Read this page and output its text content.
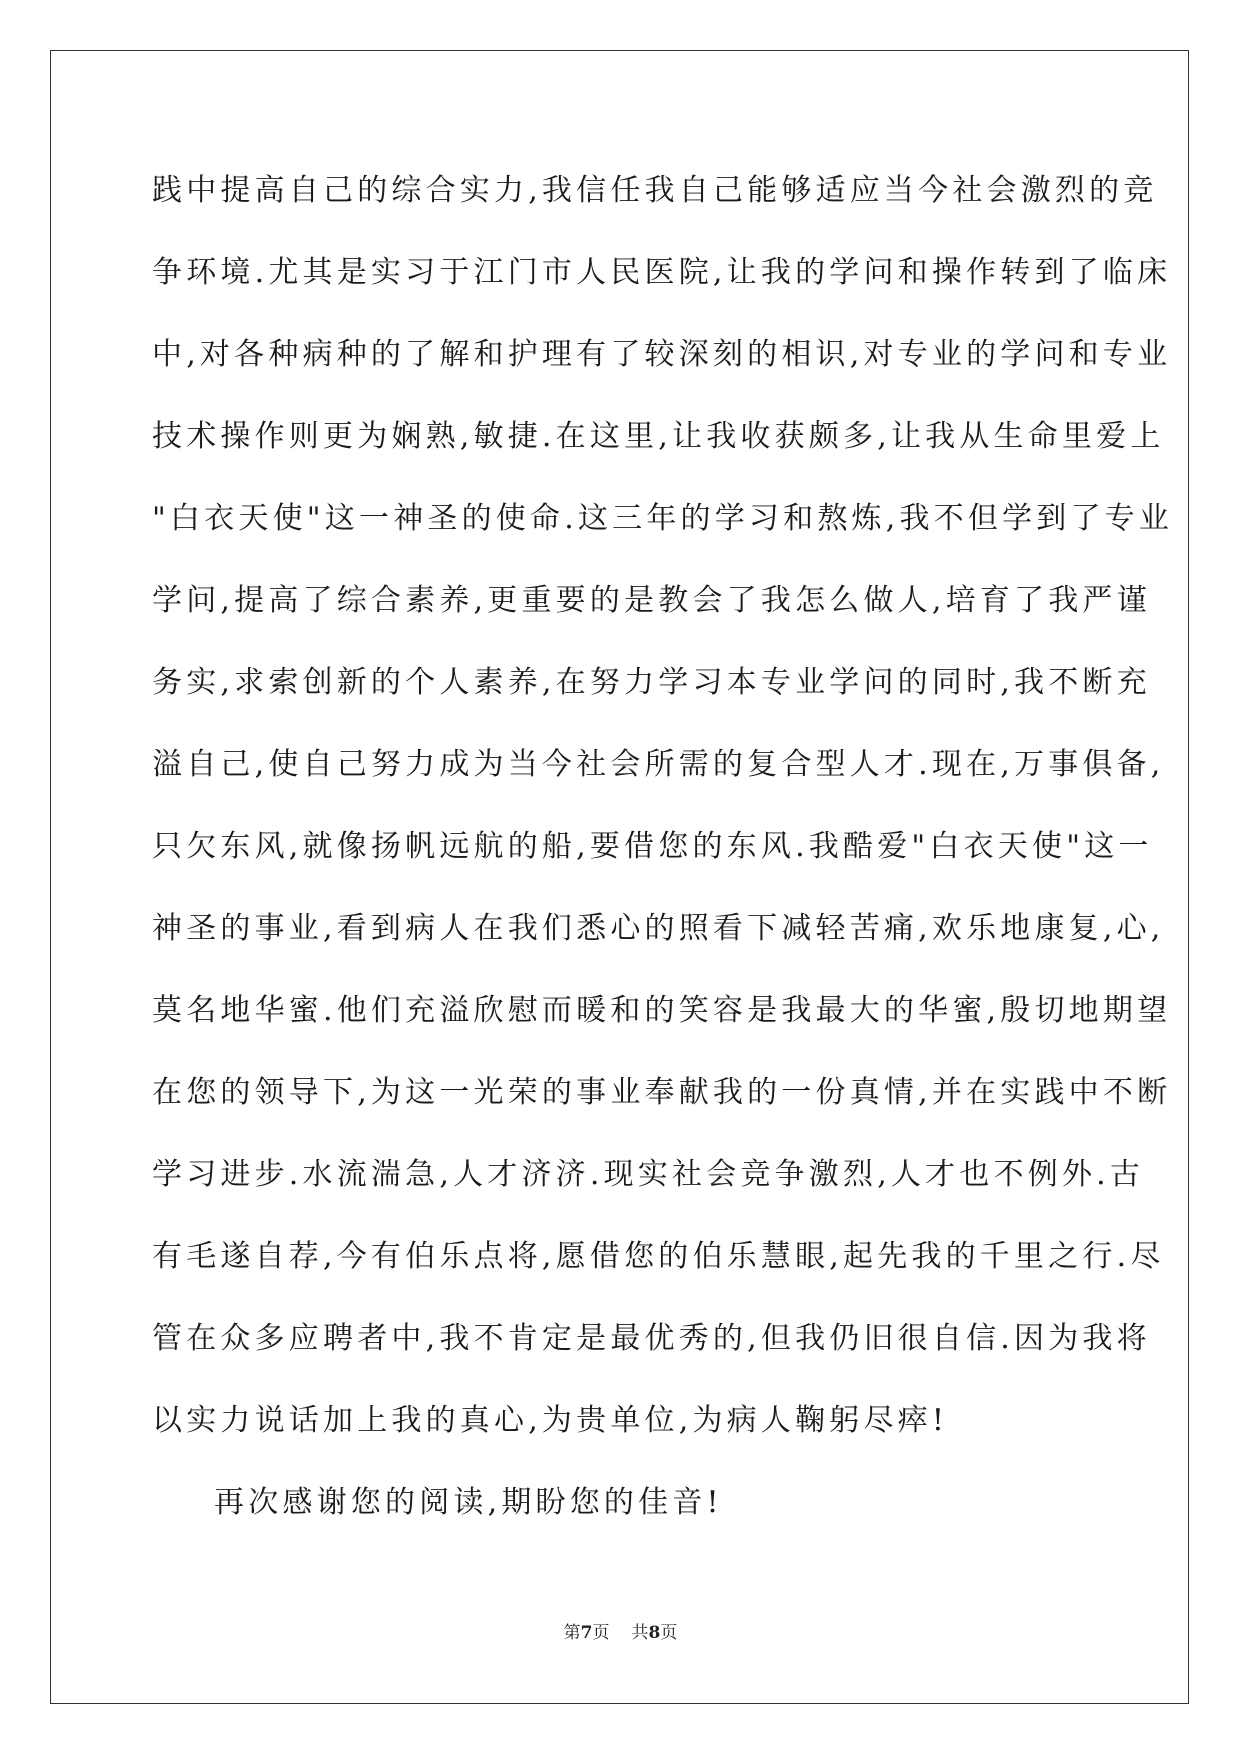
践中提高自己的综合实力,我信任我自己能够适应当今社会激烈的竞
争环境.尤其是实习于江门市人民医院,让我的学问和操作转到了临床
中,对各种病种的了解和护理有了较深刻的相识,对专业的学问和专业
技术操作则更为娴熟,敏捷.在这里,让我收获颇多,让我从生命里爱上
"白衣天使"这一神圣的使命.这三年的学习和熬炼,我不但学到了专业
学问,提高了综合素养,更重要的是教会了我怎么做人,培育了我严谨
务实,求索创新的个人素养,在努力学习本专业学问的同时,我不断充
溢自己,使自己努力成为当今社会所需的复合型人才.现在,万事俱备,
只欠东风,就像扬帆远航的船,要借您的东风.我酷爱"白衣天使"这一
神圣的事业,看到病人在我们悉心的照看下减轻苦痛,欢乐地康复,心,
莫名地华蜜.他们充溢欣慰而暖和的笑容是我最大的华蜜,殷切地期望
在您的领导下,为这一光荣的事业奉献我的一份真情,并在实践中不断
学习进步.水流湍急,人才济济.现实社会竞争激烈,人才也不例外.古
有毛遂自荐,今有伯乐点将,愿借您的伯乐慧眼,起先我的千里之行.尽
管在众多应聘者中,我不肯定是最优秀的,但我仍旧很自信.因为我将
以实力说话加上我的真心,为贵单位,为病人鞠躬尽瘁!
再次感谢您的阅读,期盼您的佳音!
第7页 共8页
